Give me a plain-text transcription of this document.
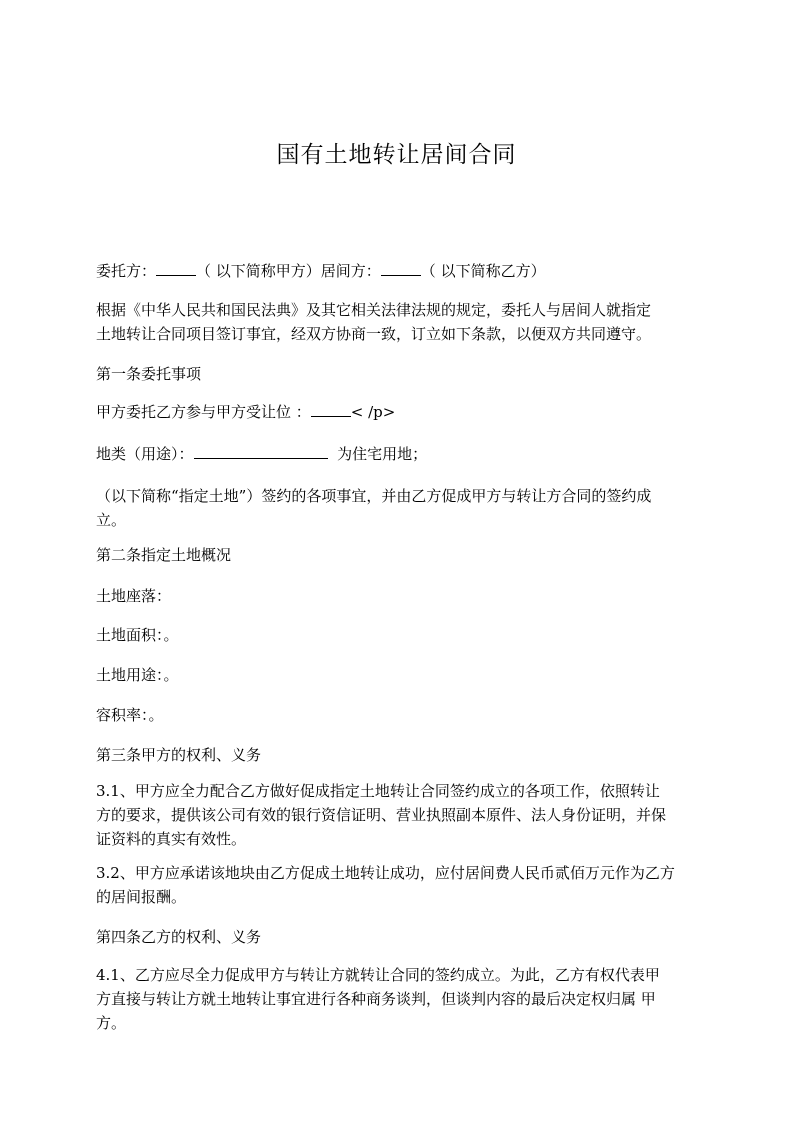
国有土地转让居间合同

委托方：	（ 以下简称甲方）居间方：	（ 以下简称乙方）

根据《中华人民共和国民法典》及其它相关法律法规的规定，委托人与居间人就指定
土地转让合同项目签订事宜，经双方协商一致，订立如下条款，以便双方共同遵守。

第一条委托事项

甲方委托乙方参与甲方受让位 ：	< /p>

地类（用途）：	为住宅用地；

（以下简称“指定土地”）签约的各项事宜，并由乙方促成甲方与转让方合同的签约成
立。

第二条指定土地概况

土地座落：

土地面积：。

土地用途：。

容积率：。

第三条甲方的权利、义务

3.1、甲方应全力配合乙方做好促成指定土地转让合同签约成立的各项工作，依照转让
方的要求，提供该公司有效的银行资信证明、营业执照副本原件、法人身份证明，并保
证资料的真实有效性。

3.2、甲方应承诺该地块由乙方促成土地转让成功，应付居间费人民币贰佰万元作为乙方
的居间报酬。

第四条乙方的权利、义务

4.1、乙方应尽全力促成甲方与转让方就转让合同的签约成立。为此，乙方有权代表甲
方直接与转让方就土地转让事宜进行各种商务谈判，但谈判内容的最后决定权归属 甲
方。
